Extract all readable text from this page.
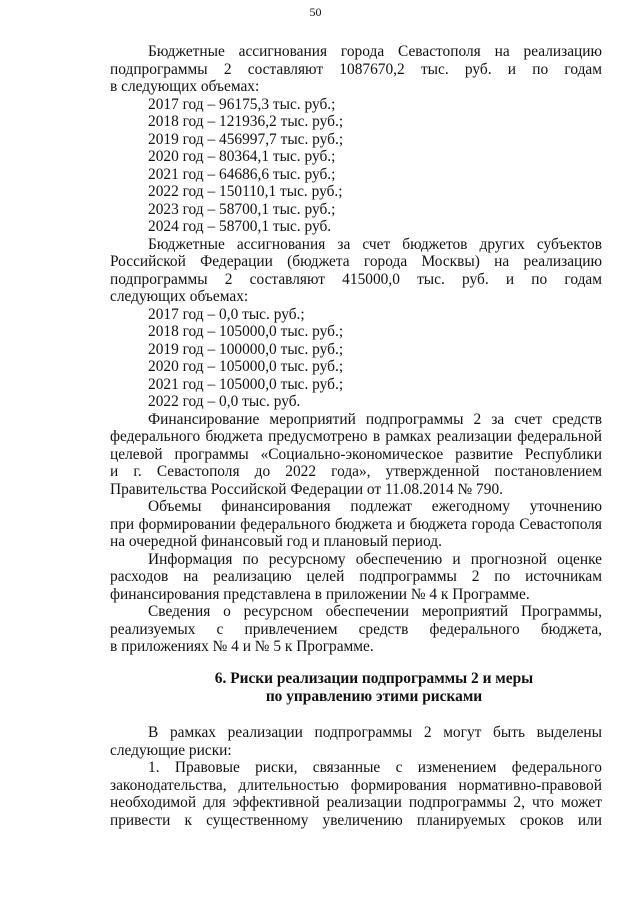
50
Бюджетные ассигнования города Севастополя на реализацию
подпрограммы 2 составляют 1087670,2 тыс. руб. и по годам
в следующих объемах:
2017 год – 96175,3 тыс. руб.;
2018 год – 121936,2 тыс. руб.;
2019 год – 456997,7 тыс. руб.;
2020 год – 80364,1 тыс. руб.;
2021 год – 64686,6 тыс. руб.;
2022 год – 150110,1 тыс. руб.;
2023 год – 58700,1 тыс. руб.;
2024 год – 58700,1 тыс. руб.
Бюджетные ассигнования за счет бюджетов других субъектов
Российской Федерации (бюджета города Москвы) на реализацию
подпрограммы 2 составляют 415000,0 тыс. руб. и по годам
следующих объемах:
2017 год – 0,0 тыс. руб.;
2018 год – 105000,0 тыс. руб.;
2019 год – 100000,0 тыс. руб.;
2020 год – 105000,0 тыс. руб.;
2021 год – 105000,0 тыс. руб.;
2022 год – 0,0 тыс. руб.
Финансирование мероприятий подпрограммы 2 за счет средств
федерального бюджета предусмотрено в рамках реализации федеральной
целевой программы «Социально-экономическое развитие Республики
и г. Севастополя до 2022 года», утвержденной постановлением
Правительства Российской Федерации от 11.08.2014 № 790.
Объемы финансирования подлежат ежегодному уточнению
при формировании федерального бюджета и бюджета города Севастополя
на очередной финансовый год и плановый период.
Информация по ресурсному обеспечению и прогнозной оценке
расходов на реализацию целей подпрограммы 2 по источникам
финансирования представлена в приложении № 4 к Программе.
Сведения о ресурсном обеспечении мероприятий Программы,
реализуемых с привлечением средств федерального бюджета,
в приложениях № 4 и № 5 к Программе.
6. Риски реализации подпрограммы 2 и меры
по управлению этими рисками
В рамках реализации подпрограммы 2 могут быть выделены
следующие риски:
1. Правовые риски, связанные с изменением федерального
законодательства, длительностью формирования нормативно-правовой
необходимой для эффективной реализации подпрограммы 2, что может
привести к существенному увеличению планируемых сроков или
